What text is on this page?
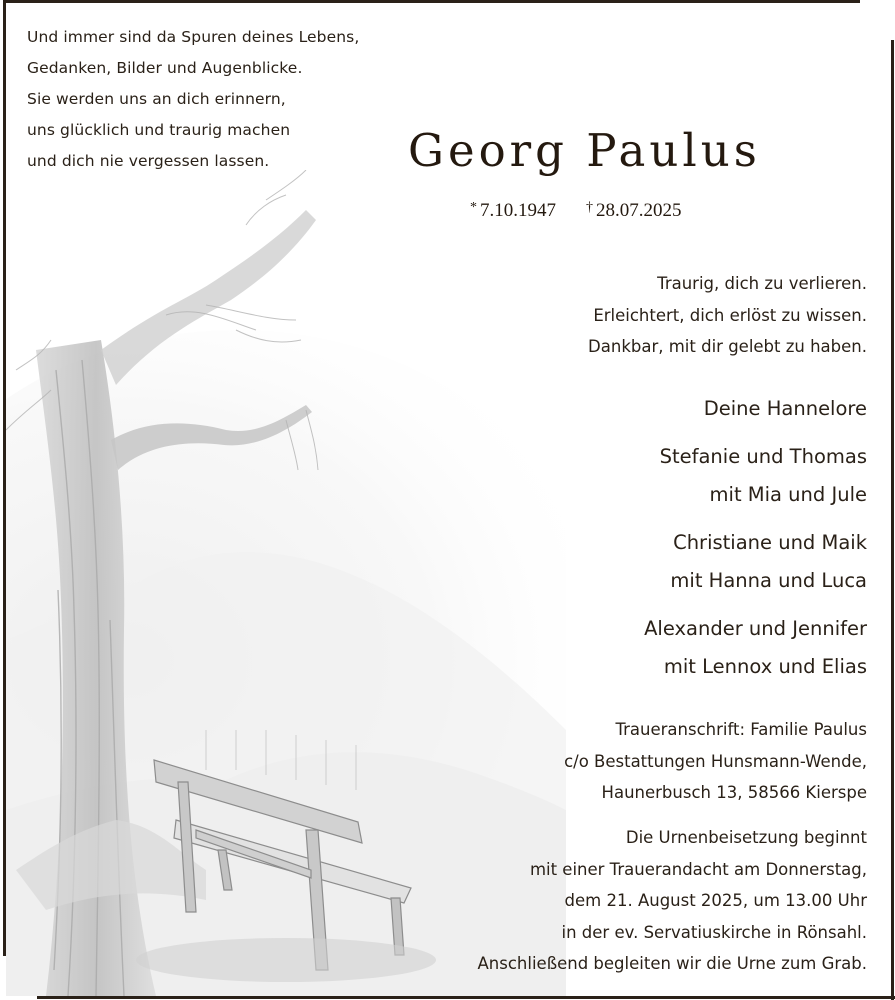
Und immer sind da Spuren deines Lebens,
Gedanken, Bilder und Augenblicke.
Sie werden uns an dich erinnern,
uns glücklich und traurig machen
und dich nie vergessen lassen.	Georg Paulus
* 7.10.1947 † 28.07.2025
Traurig, dich zu verlieren.
Erleichtert, dich erlöst zu wissen.
Dankbar, mit dir gelebt zu haben.
Deine Hannelore
Stefanie und Thomas
mit Mia und Jule
Christiane und Maik
mit Hanna und Luca
Alexander und Jennifer
mit Lennox und Elias
Traueranschrift: Familie Paulus
c/o Bestattungen Hunsmann-Wende,
Haunerbusch 13, 58566 Kierspe
Die Urnenbeisetzung beginnt
mit einer Trauerandacht am Donnerstag,
dem 21. August 2025, um 13.00 Uhr
in der ev. Servatiuskirche in Rönsahl.
Anschließend begleiten wir die Urne zum Grab.
